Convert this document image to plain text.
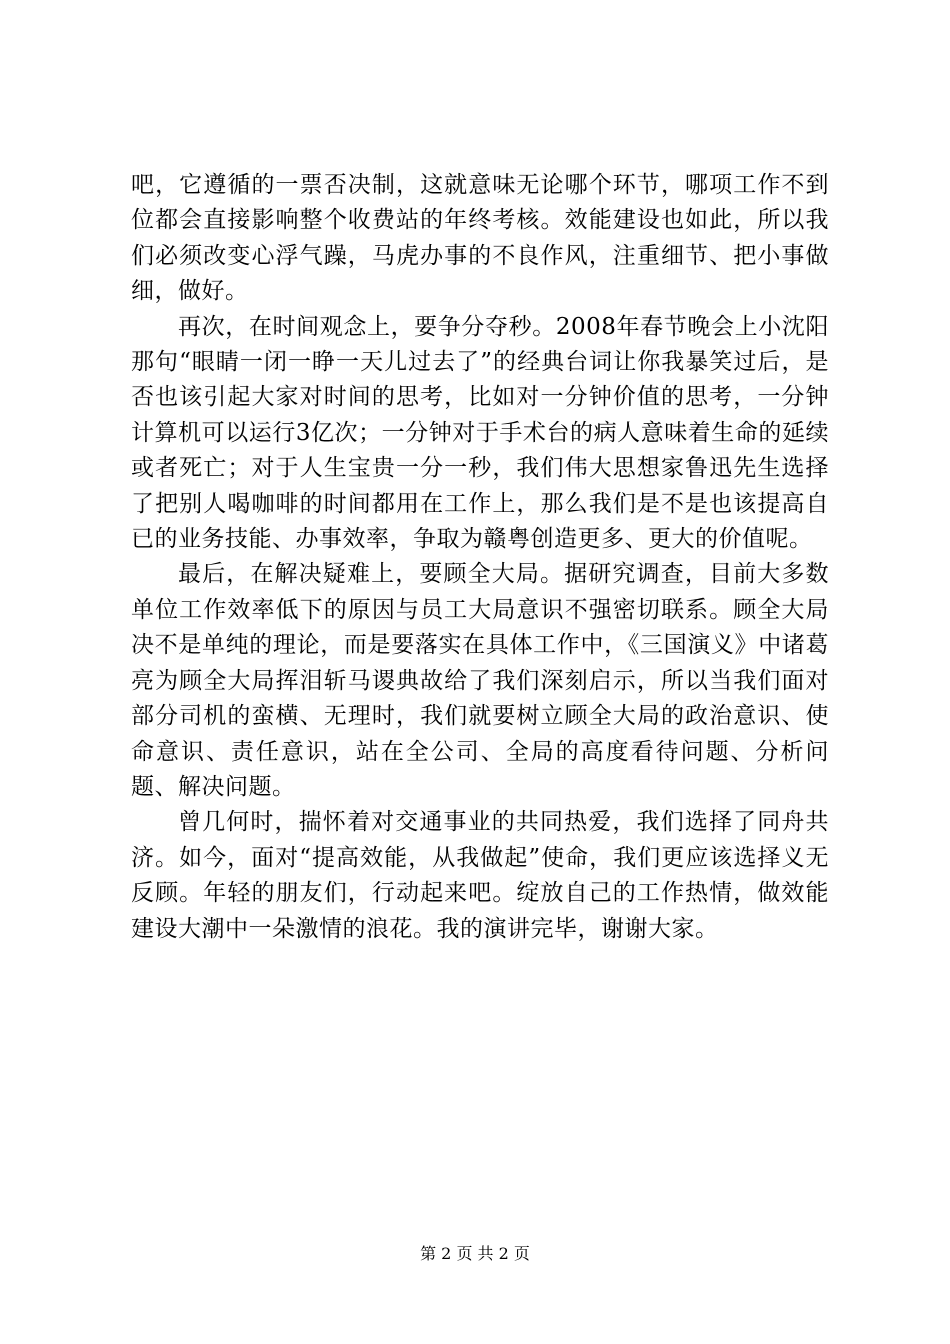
吧，它遵循的一票否决制，这就意味无论哪个环节，哪项工作不到位都会直接影响整个收费站的年终考核。效能建设也如此，所以我们必须改变心浮气躁，马虎办事的不良作风，注重细节、把小事做细，做好。

再次，在时间观念上，要争分夺秒。2008年春节晚会上小沈阳那句“眼睛一闭一睁一天儿过去了”的经典台词让你我暴笑过后，是否也该引起大家对时间的思考，比如对一分钟价值的思考，一分钟计算机可以运行3亿次；一分钟对于手术台的病人意味着生命的延续或者死亡；对于人生宝贵一分一秒，我们伟大思想家鲁迅先生选择了把别人喝咖啡的时间都用在工作上，那么我们是不是也该提高自已的业务技能、办事效率，争取为赣粤创造更多、更大的价值呢。

最后，在解决疑难上，要顾全大局。据研究调查，目前大多数单位工作效率低下的原因与员工大局意识不强密切联系。顾全大局决不是单纯的理论，而是要落实在具体工作中，《三国演义》中诸葛亮为顾全大局挥泪斩马谡典故给了我们深刻启示，所以当我们面对部分司机的蛮横、无理时，我们就要树立顾全大局的政治意识、使命意识、责任意识，站在全公司、全局的高度看待问题、分析问题、解决问题。

曾几何时，揣怀着对交通事业的共同热爱，我们选择了同舟共济。如今，面对“提高效能，从我做起”使命，我们更应该选择义无反顾。年轻的朋友们，行动起来吧。绽放自己的工作热情，做效能建设大潮中一朵激情的浪花。我的演讲完毕，谢谢大家。

第 2 页 共 2 页
